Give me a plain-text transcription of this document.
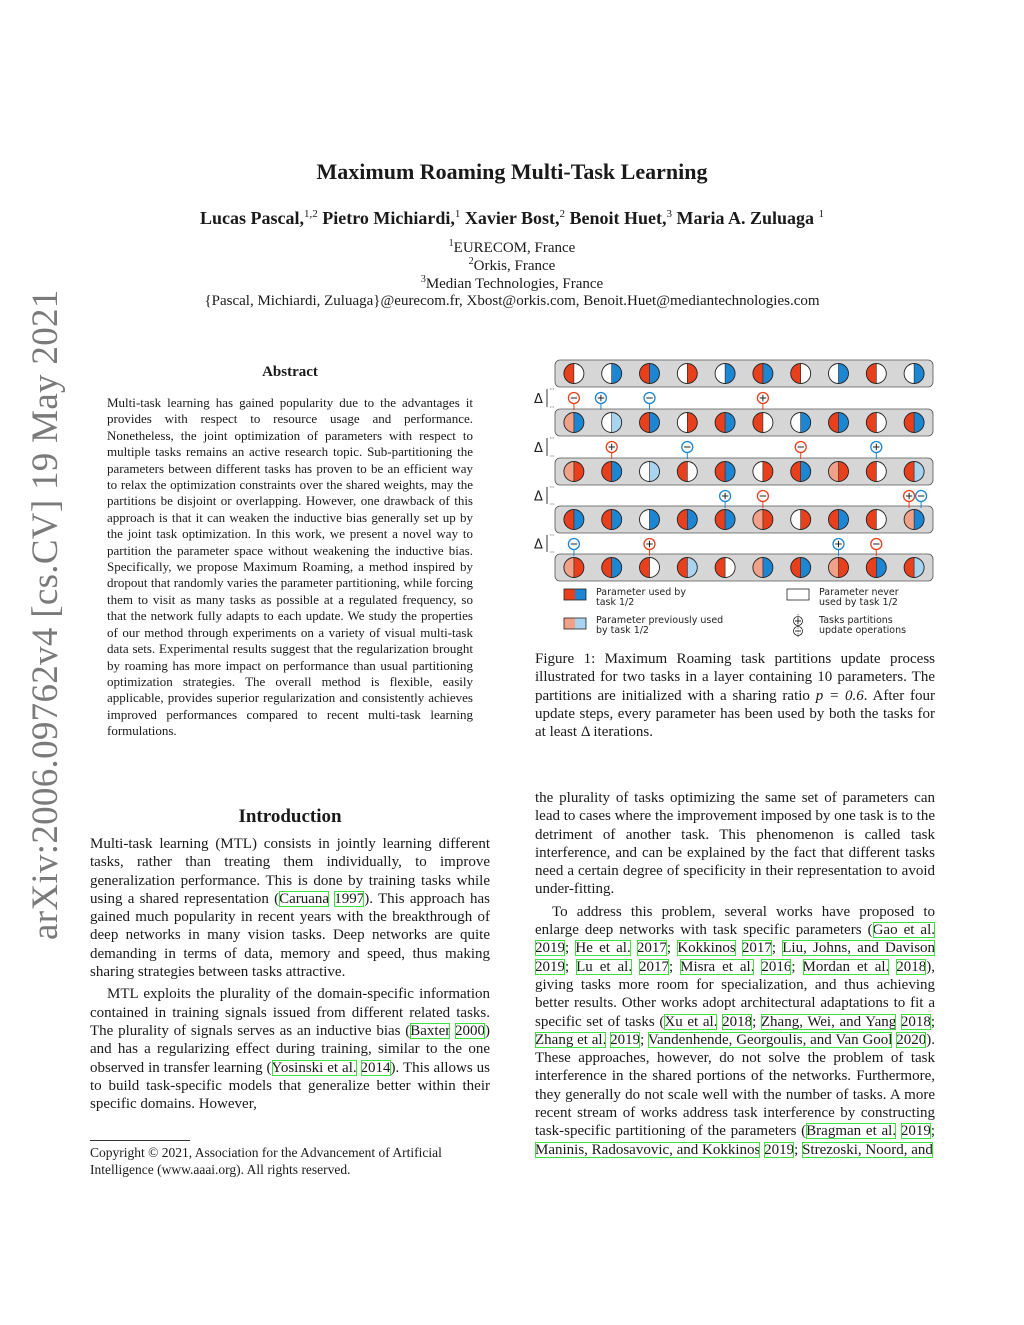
arXiv:2006.09762v4 [cs.CV] 19 May 2021
Maximum Roaming Multi-Task Learning
Lucas Pascal,$^{1,2}$ Pietro Michiardi,$^1$ Xavier Bost,$^2$ Benoit Huet,$^3$ Maria A. Zuluaga $^1$
$^1$EURECOM, France
$^2$Orkis, France
$^3$Median Technologies, France
{Pascal, Michiardi, Zuluaga}@eurecom.fr, Xbost@orkis.com, Benoit.Huet@mediantechnologies.com
Abstract
Multi-task learning has gained popularity due to the advantages it provides with respect to resource usage and performance. Nonetheless, the joint optimization of parameters with respect to multiple tasks remains an active research topic. Sub-partitioning the parameters between different tasks has proven to be an efficient way to relax the optimization constraints over the shared weights, may the partitions be disjoint or overlapping. However, one drawback of this approach is that it can weaken the inductive bias generally set up by the joint task optimization. In this work, we present a novel way to partition the parameter space without weakening the inductive bias. Specifically, we propose Maximum Roaming, a method inspired by dropout that randomly varies the parameter partitioning, while forcing them to visit as many tasks as possible at a regulated frequency, so that the network fully adapts to each update. We study the properties of our method through experiments on a variety of visual multi-task data sets. Experimental results suggest that the regularization brought by roaming has more impact on performance than usual partitioning optimization strategies. The overall method is flexible, easily applicable, provides superior regularization and consistently achieves improved performances compared to recent multi-task learning formulations.
Introduction

Multi-task learning (MTL) consists in jointly learning different tasks, rather than treating them individually, to improve generalization performance. This is done by training tasks while using a shared representation (Caruana 1997). This approach has gained much popularity in recent years with the breakthrough of deep networks in many vision tasks. Deep networks are quite demanding in terms of data, memory and speed, thus making sharing strategies between tasks attractive.

MTL exploits the plurality of the domain-specific information contained in training signals issued from different related tasks. The plurality of signals serves as an inductive bias (Baxter 2000) and has a regularizing effect during training, similar to the one observed in transfer learning (Yosinski et al. 2014). This allows us to build task-specific models that generalize better within their specific domains. However,

Copyright © 2021, Association for the Advancement of Artificial Intelligence (www.aaai.org). All rights reserved.
Δ
Δ
Δ
Δ
Parameter used by
task 1/2
Parameter previously used
by task 1/2
Parameter never
used by task 1/2
Tasks partitions
update operations
Figure 1: Maximum Roaming task partitions update process illustrated for two tasks in a layer containing 10 parameters. The partitions are initialized with a sharing ratio p = 0.6. After four update steps, every parameter has been used by both the tasks for at least Δ iterations.

the plurality of tasks optimizing the same set of parameters can lead to cases where the improvement imposed by one task is to the detriment of another task. This phenomenon is called task interference, and can be explained by the fact that different tasks need a certain degree of specificity in their representation to avoid under-fitting.

To address this problem, several works have proposed to enlarge deep networks with task specific parameters (Gao et al. 2019; He et al. 2017; Kokkinos 2017; Liu, Johns, and Davison 2019; Lu et al. 2017; Misra et al. 2016; Mordan et al. 2018), giving tasks more room for specialization, and thus achieving better results. Other works adopt architectural adaptations to fit a specific set of tasks (Xu et al. 2018; Zhang, Wei, and Yang 2018; Zhang et al. 2019; Vandenhende, Georgoulis, and Van Gool 2020). These approaches, however, do not solve the problem of task interference in the shared portions of the networks. Furthermore, they generally do not scale well with the number of tasks. A more recent stream of works address task interference by constructing task-specific partitioning of the parameters (Bragman et al. 2019; Maninis, Radosavovic, and Kokkinos 2019; Strezoski, Noord, and
